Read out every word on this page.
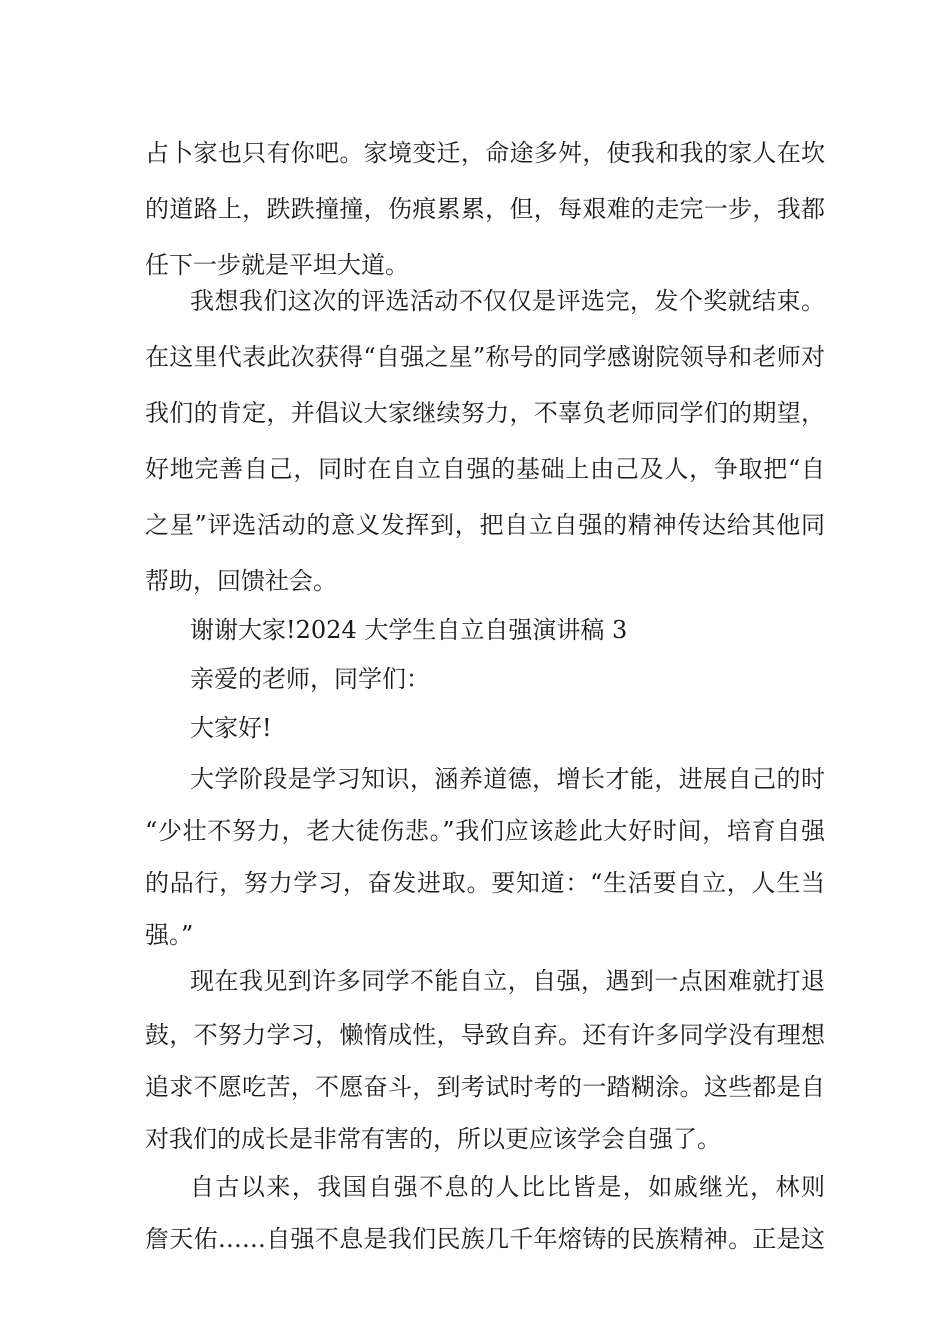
占卜家也只有你吧。家境变迁，命途多舛，使我和我的家人在坎
的道路上，跌跌撞撞，伤痕累累，但，每艰难的走完一步，我都
任下一步就是平坦大道。
我想我们这次的评选活动不仅仅是评选完，发个奖就结束。
在这里代表此次获得“自强之星”称号的同学感谢院领导和老师对
我们的肯定，并倡议大家继续努力，不辜负老师同学们的期望，
好地完善自己，同时在自立自强的基础上由己及人，争取把“自
之星”评选活动的意义发挥到，把自立自强的精神传达给其他同
帮助，回馈社会。
谢谢大家!2024 大学生自立自强演讲稿 3
亲爱的老师，同学们：
大家好!
大学阶段是学习知识，涵养道德，增长才能，进展自己的时
“少壮不努力，老大徒伤悲。”我们应该趁此大好时间，培育自强
的品行，努力学习，奋发进取。要知道：“生活要自立，人生当
强。”
现在我见到许多同学不能自立，自强，遇到一点困难就打退
鼓，不努力学习，懒惰成性，导致自弃。还有许多同学没有理想
追求不愿吃苦，不愿奋斗，到考试时考的一踏糊涂。这些都是自
对我们的成长是非常有害的，所以更应该学会自强了。
自古以来，我国自强不息的人比比皆是，如戚继光，林则
詹天佑……自强不息是我们民族几千年熔铸的民族精神。正是这
